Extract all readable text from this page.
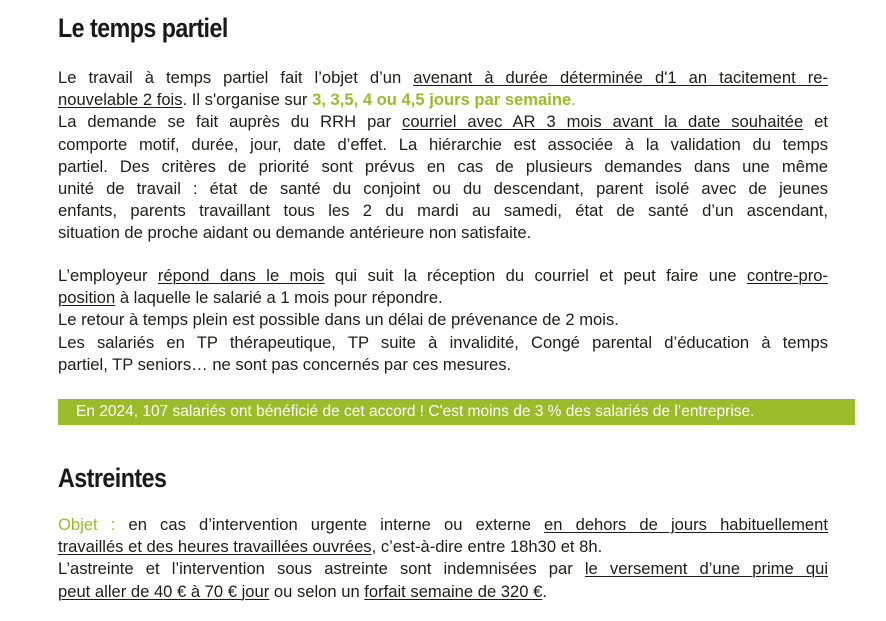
Le temps partiel
Le travail à temps partiel fait l’objet d’un avenant à durée déterminée d'1 an tacitement re-
nouvelable 2 fois. Il s'organise sur 3, 3,5, 4 ou 4,5 jours par semaine.
La demande se fait auprès du RRH par courriel avec AR 3 mois avant la date souhaitée et
comporte motif, durée, jour, date d’effet. La hiérarchie est associée à la validation du temps
partiel. Des critères de priorité sont prévus en cas de plusieurs demandes dans une même
unité de travail : état de santé du conjoint ou du descendant, parent isolé avec de jeunes
enfants, parents travaillant tous les 2 du mardi au samedi, état de santé d’un ascendant,
situation de proche aidant ou demande antérieure non satisfaite.
L’employeur répond dans le mois qui suit la réception du courriel et peut faire une contre-pro-
position à laquelle le salarié a 1 mois pour répondre.
Le retour à temps plein est possible dans un délai de prévenance de 2 mois.
Les salariés en TP thérapeutique, TP suite à invalidité, Congé parental d’éducation à temps
partiel, TP seniors… ne sont pas concernés par ces mesures.
En 2024, 107 salariés ont bénéficié de cet accord ! C'est moins de 3 % des salariés de l’entreprise.
Astreintes
Objet : en cas d’intervention urgente interne ou externe en dehors de jours habituellement
travaillés et des heures travaillées ouvrées, c’est-à-dire entre 18h30 et 8h.
L’astreinte et l’intervention sous astreinte sont indemnisées par le versement d’une prime qui
peut aller de 40 € à 70 € jour ou selon un forfait semaine de 320 €.
